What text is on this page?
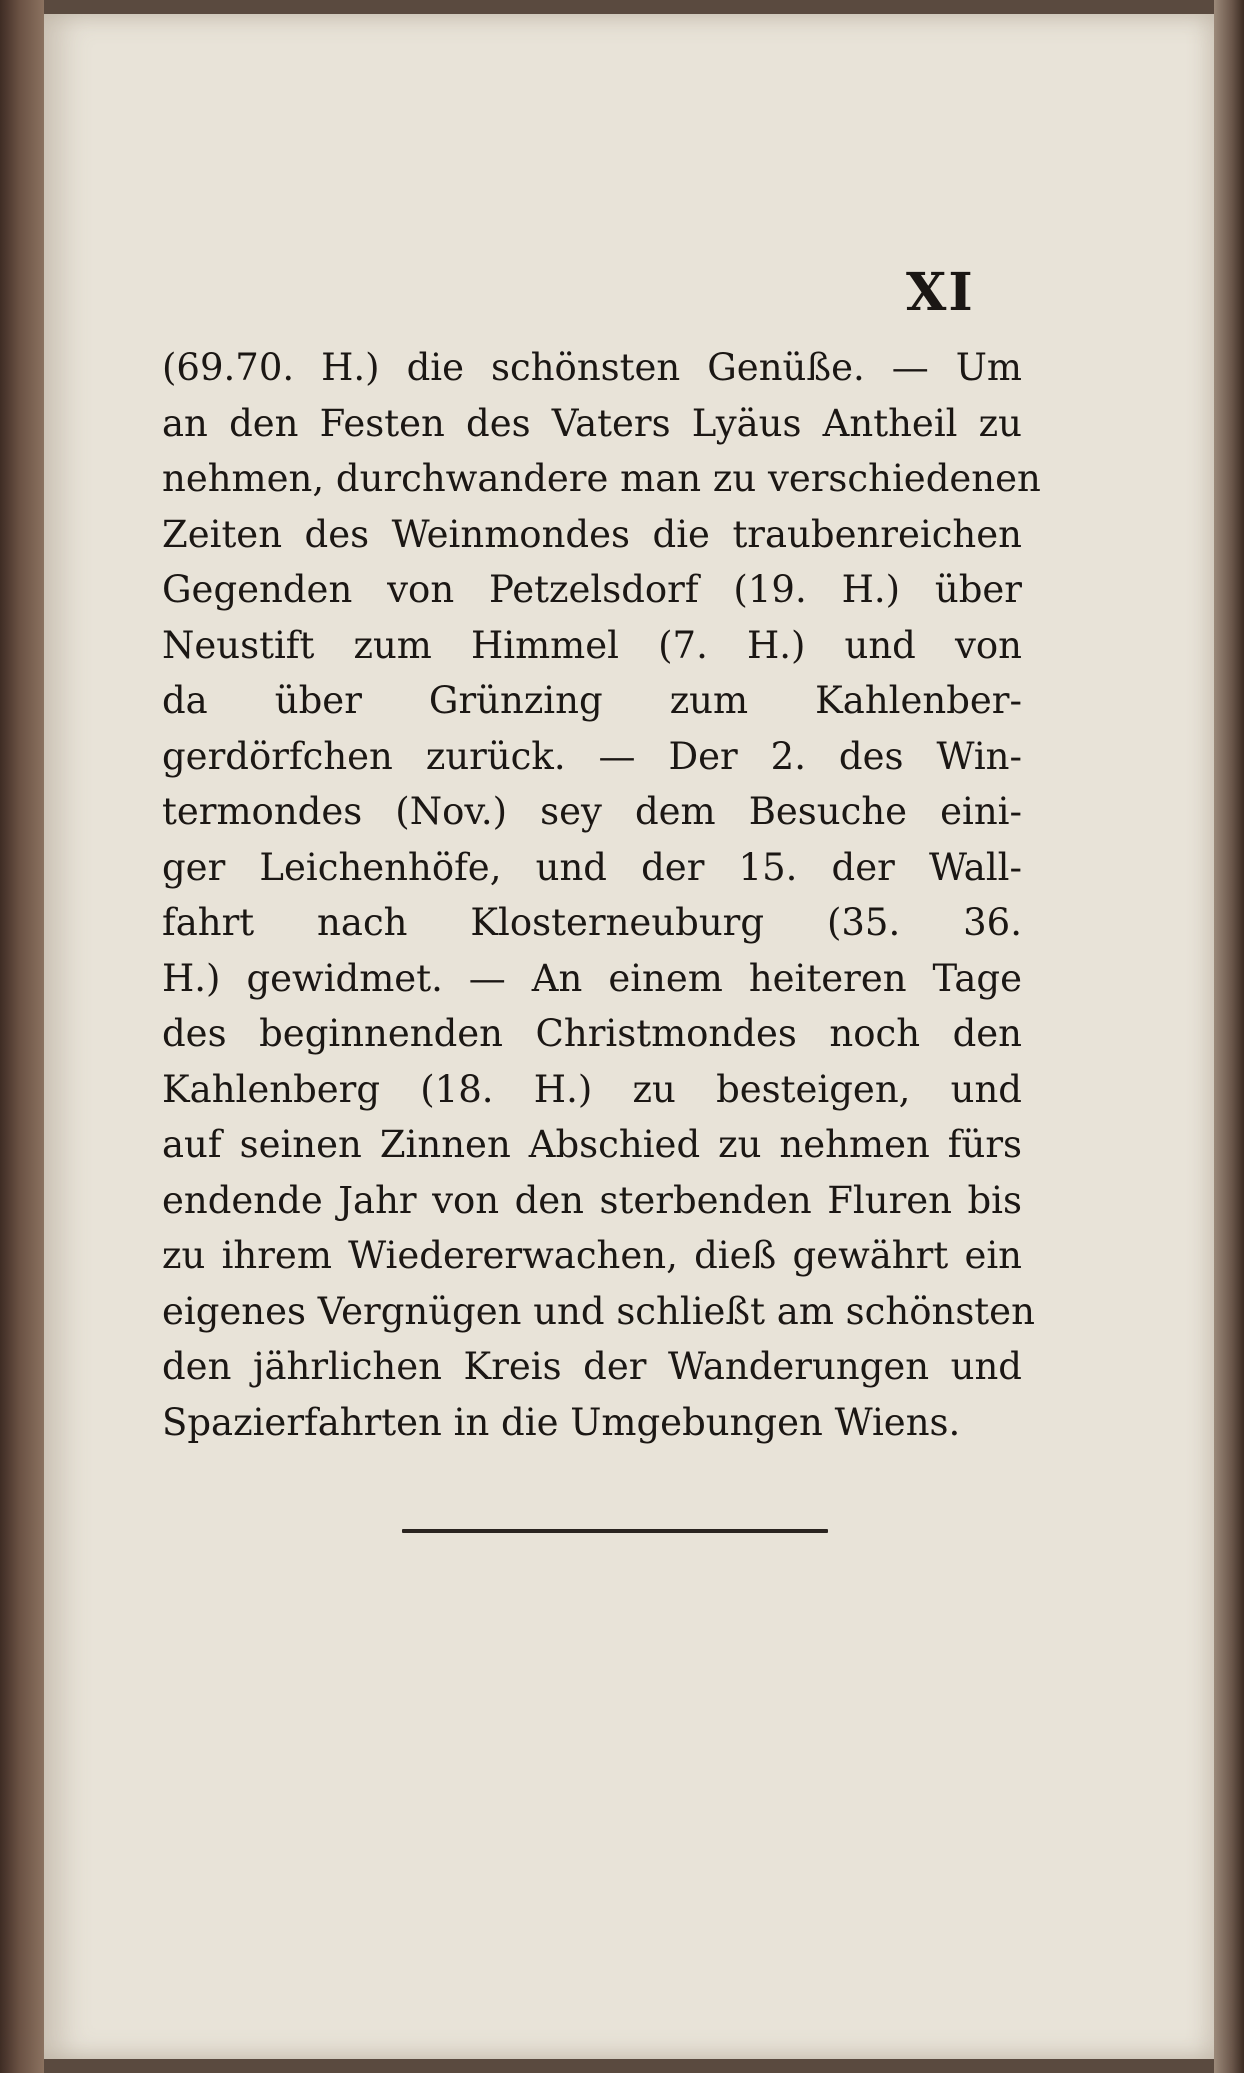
XI
(69.70. H.) die schönsten Genüße. — Um
an den Festen des Vaters Lyäus Antheil zu
nehmen, durchwandere man zu verschiedenen
Zeiten des Weinmondes die traubenreichen
Gegenden von Petzelsdorf (19. H.) über
Neustift zum Himmel (7. H.) und von
da über Grünzing zum Kahlenber-
gerdörfchen zurück. — Der 2. des Win-
termondes (Nov.) sey dem Besuche eini-
ger Leichenhöfe, und der 15. der Wall-
fahrt nach Klosterneuburg (35. 36.
H.) gewidmet. — An einem heiteren Tage
des beginnenden Christmondes noch den
Kahlenberg (18. H.) zu besteigen, und
auf seinen Zinnen Abschied zu nehmen fürs
endende Jahr von den sterbenden Fluren bis
zu ihrem Wiedererwachen, dieß gewährt ein
eigenes Vergnügen und schließt am schönsten
den jährlichen Kreis der Wanderungen und
Spazierfahrten in die Umgebungen Wiens.
